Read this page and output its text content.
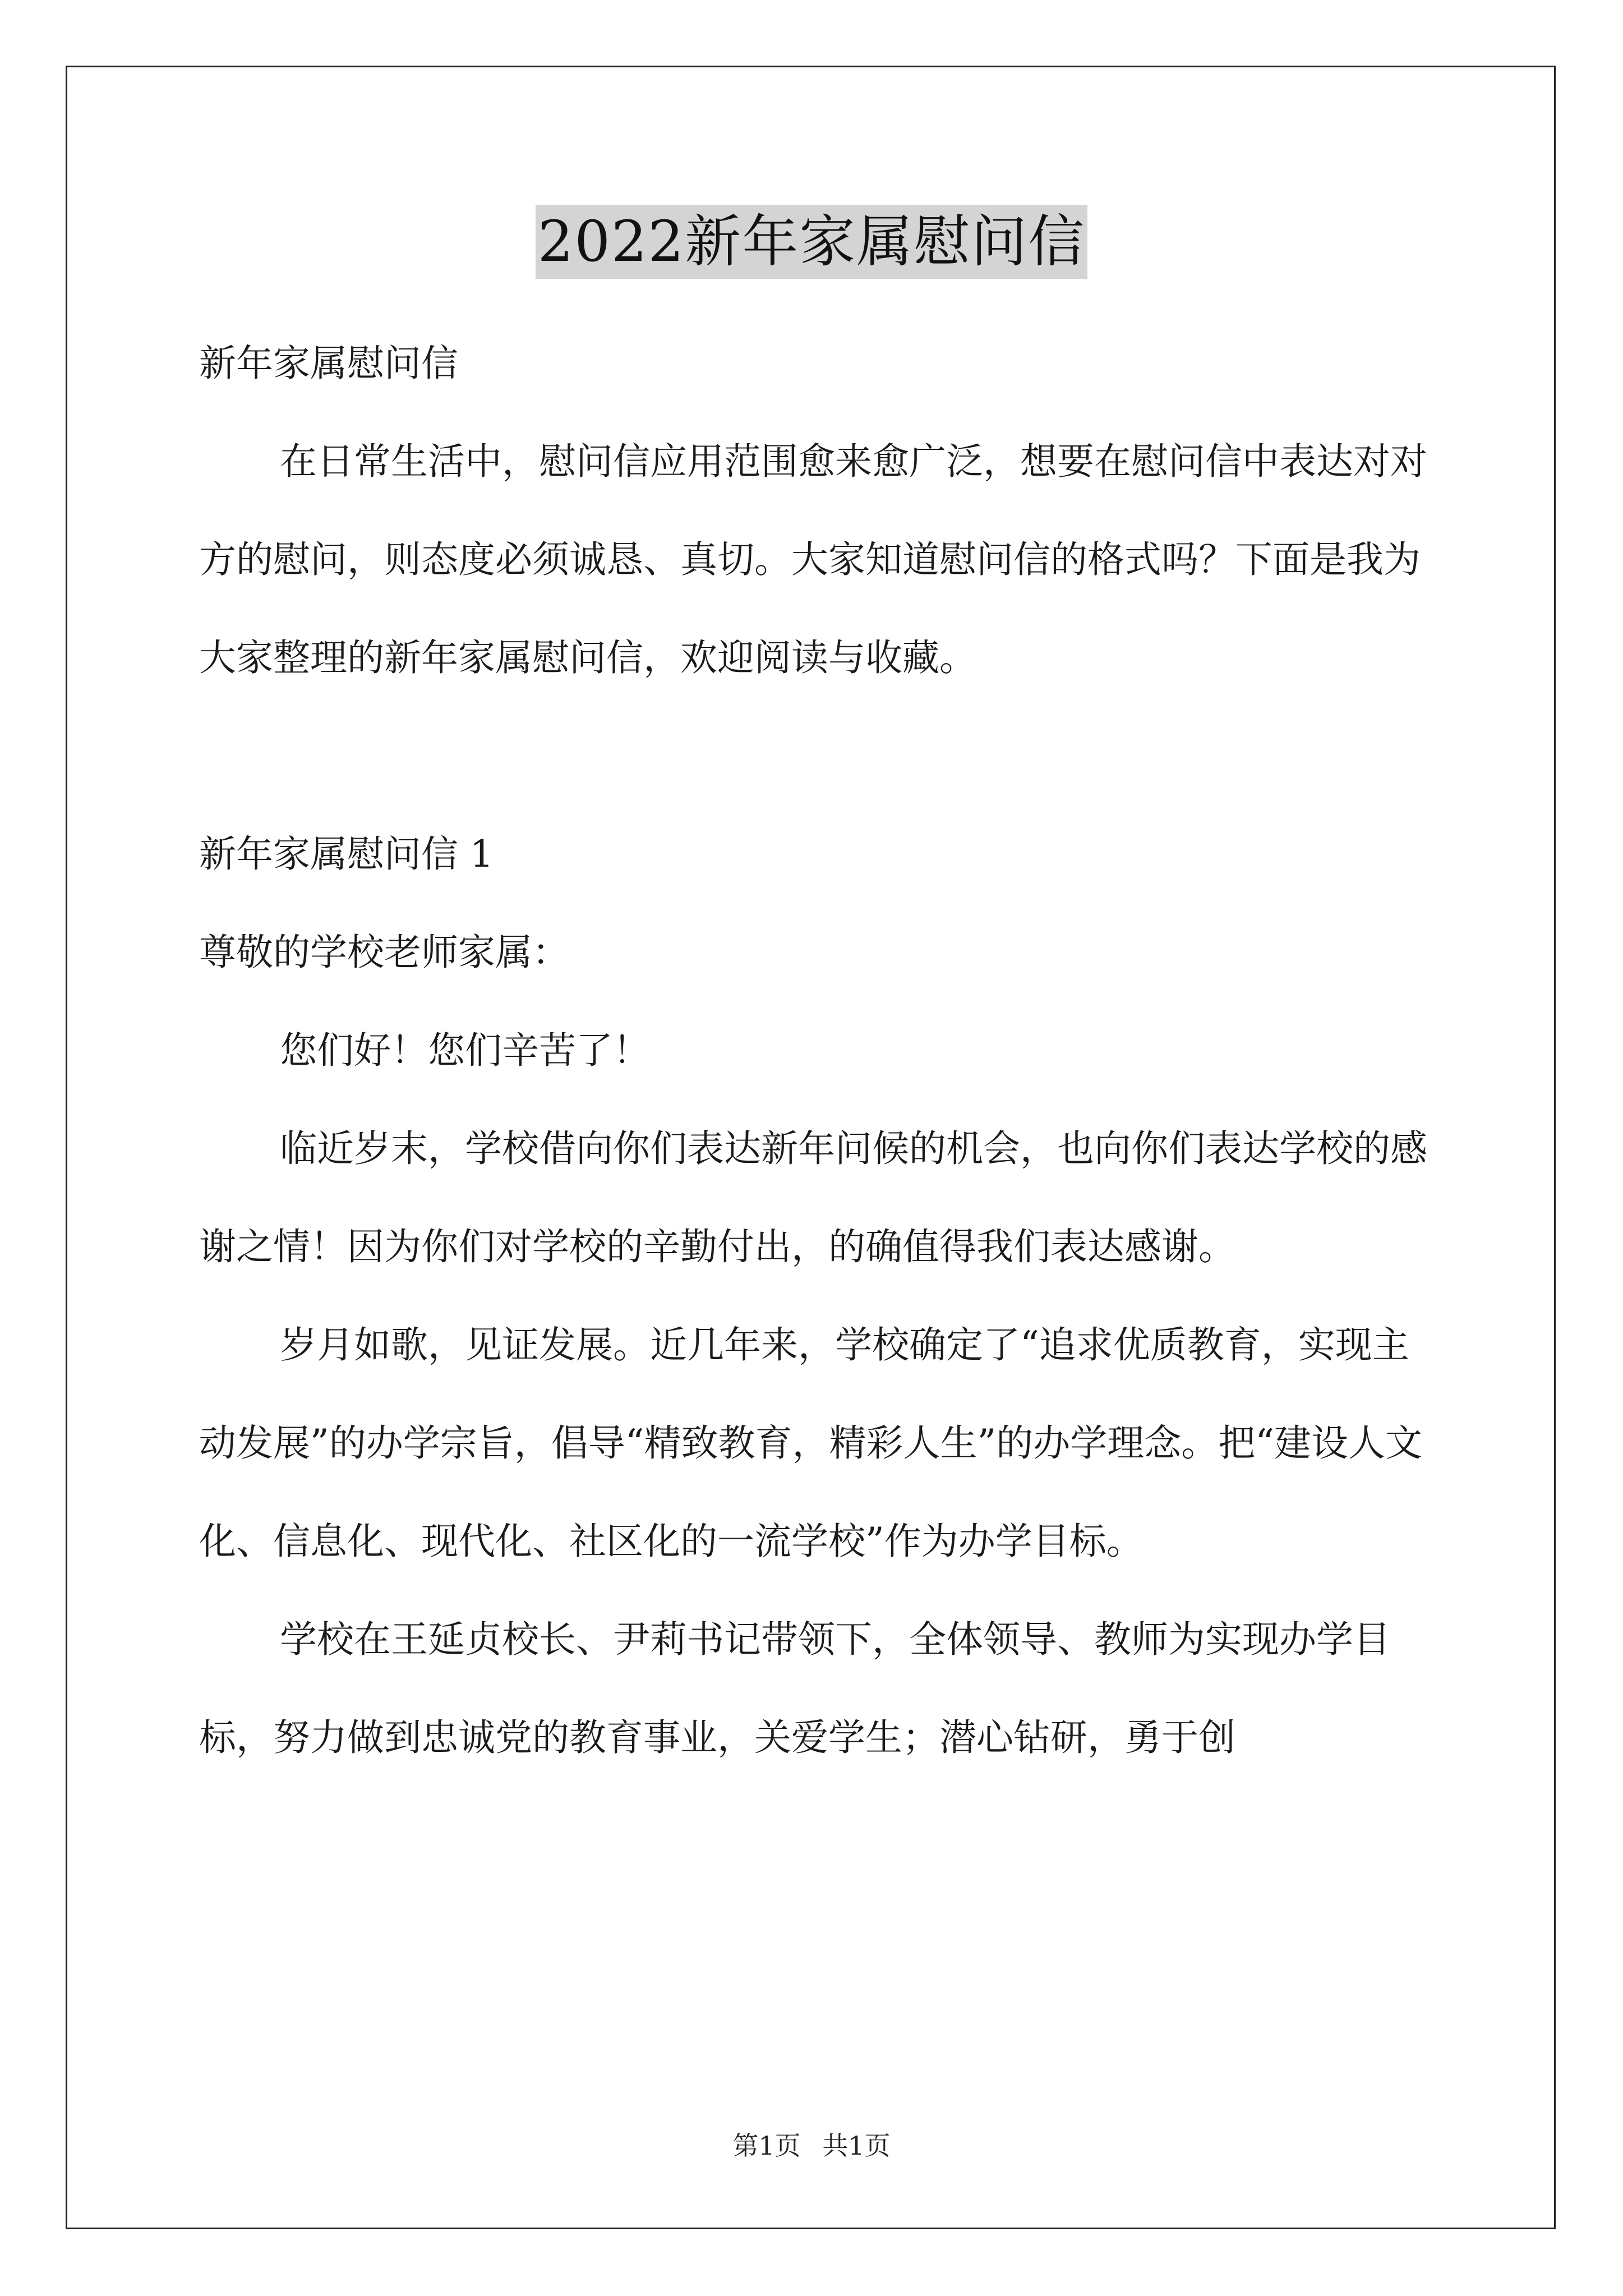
2022新年家属慰问信

新年家属慰问信

在日常生活中，慰问信应用范围愈来愈广泛，想要在慰问信中表达对对方的慰问，则态度必须诚恳、真切。大家知道慰问信的格式吗？下面是我为大家整理的新年家属慰问信，欢迎阅读与收藏。

新年家属慰问信 1

尊敬的学校老师家属：

您们好！您们辛苦了！

临近岁末，学校借向你们表达新年问候的机会，也向你们表达学校的感谢之情！因为你们对学校的辛勤付出，的确值得我们表达感谢。

岁月如歌，见证发展。近几年来，学校确定了“追求优质教育，实现主动发展”的办学宗旨，倡导“精致教育，精彩人生”的办学理念。把“建设人文化、信息化、现代化、社区化的一流学校”作为办学目标。

学校在王延贞校长、尹莉书记带领下，全体领导、教师为实现办学目标，努力做到忠诚党的教育事业，关爱学生；潜心钻研，勇于创

第1页 共1页
